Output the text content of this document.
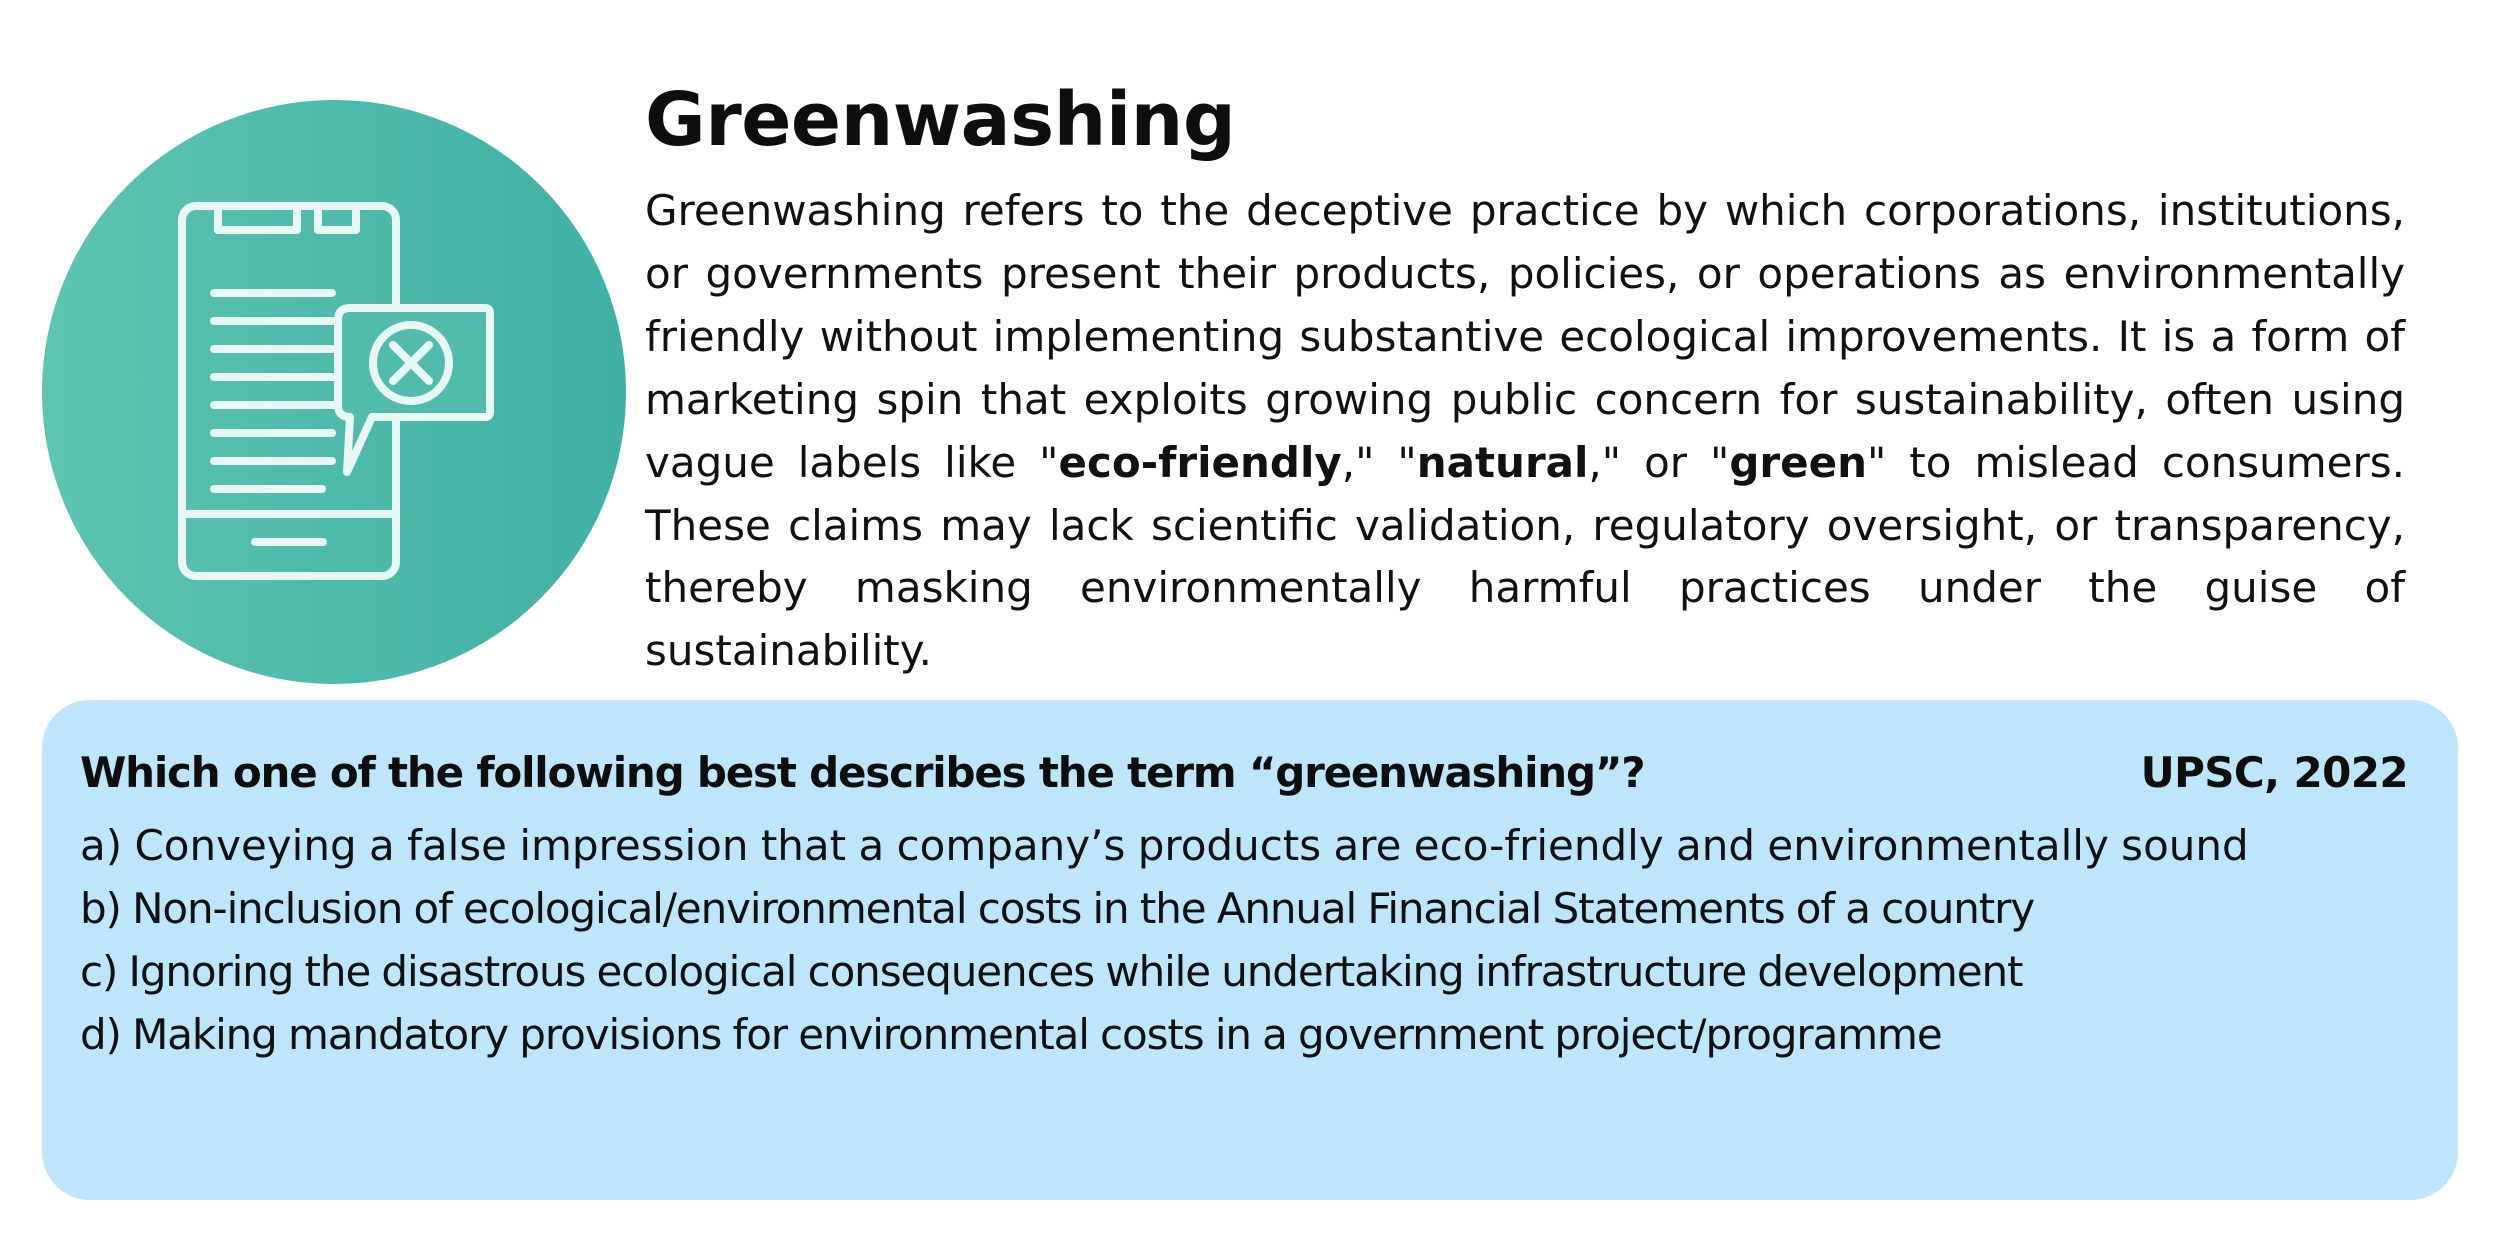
Greenwashing

Greenwashing refers to the deceptive practice by which corporations, institutions, or governments present their products, policies, or operations as environmentally friendly without implementing substantive ecological improvements. It is a form of marketing spin that exploits growing public concern for sustainability, often using vague labels like "eco-friendly," "natural," or "green" to mislead consumers. These claims may lack scientific validation, regulatory oversight, or transparency, thereby masking environmentally harmful practices under the guise of sustainability.

Which one of the following best describes the term “greenwashing”?	UPSC, 2022

a) Conveying a false impression that a company’s products are eco-friendly and environmentally sound
b) Non-inclusion of ecological/environmental costs in the Annual Financial Statements of a country
c) Ignoring the disastrous ecological consequences while undertaking infrastructure development
d) Making mandatory provisions for environmental costs in a government project/programme
